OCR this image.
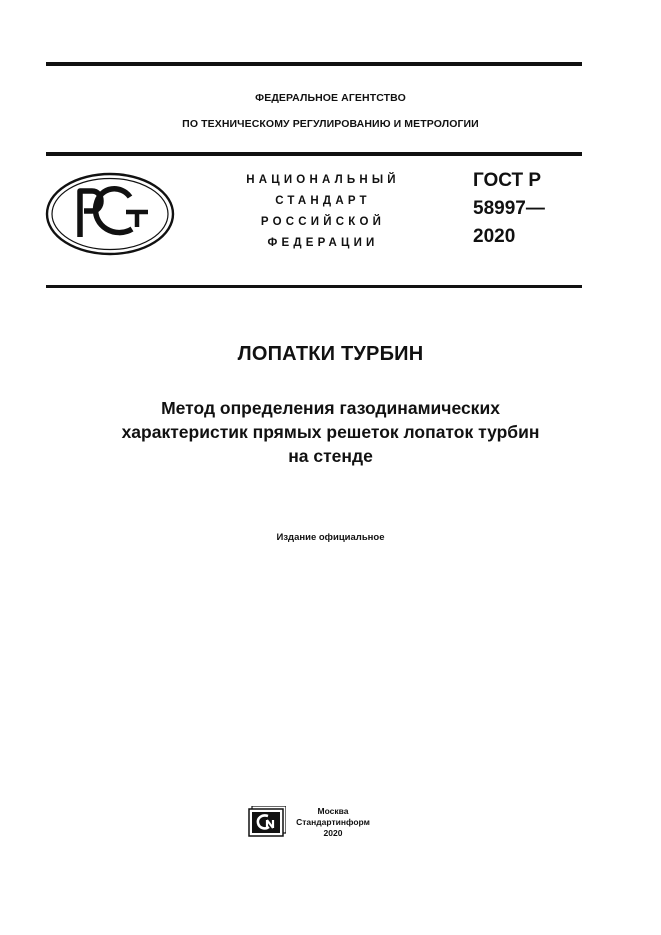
ФЕДЕРАЛЬНОЕ АГЕНТСТВО
ПО ТЕХНИЧЕСКОМУ РЕГУЛИРОВАНИЮ И МЕТРОЛОГИИ
НАЦИОНАЛЬНЫЙ
СТАНДАРТ
РОССИЙСКОЙ
ФЕДЕРАЦИИ
ГОСТ Р
58997—
2020
ЛОПАТКИ ТУРБИН
Метод определения газодинамических
характеристик прямых решеток лопаток турбин
на стенде
Издание официальное
Москва
Стандартинформ
2020
